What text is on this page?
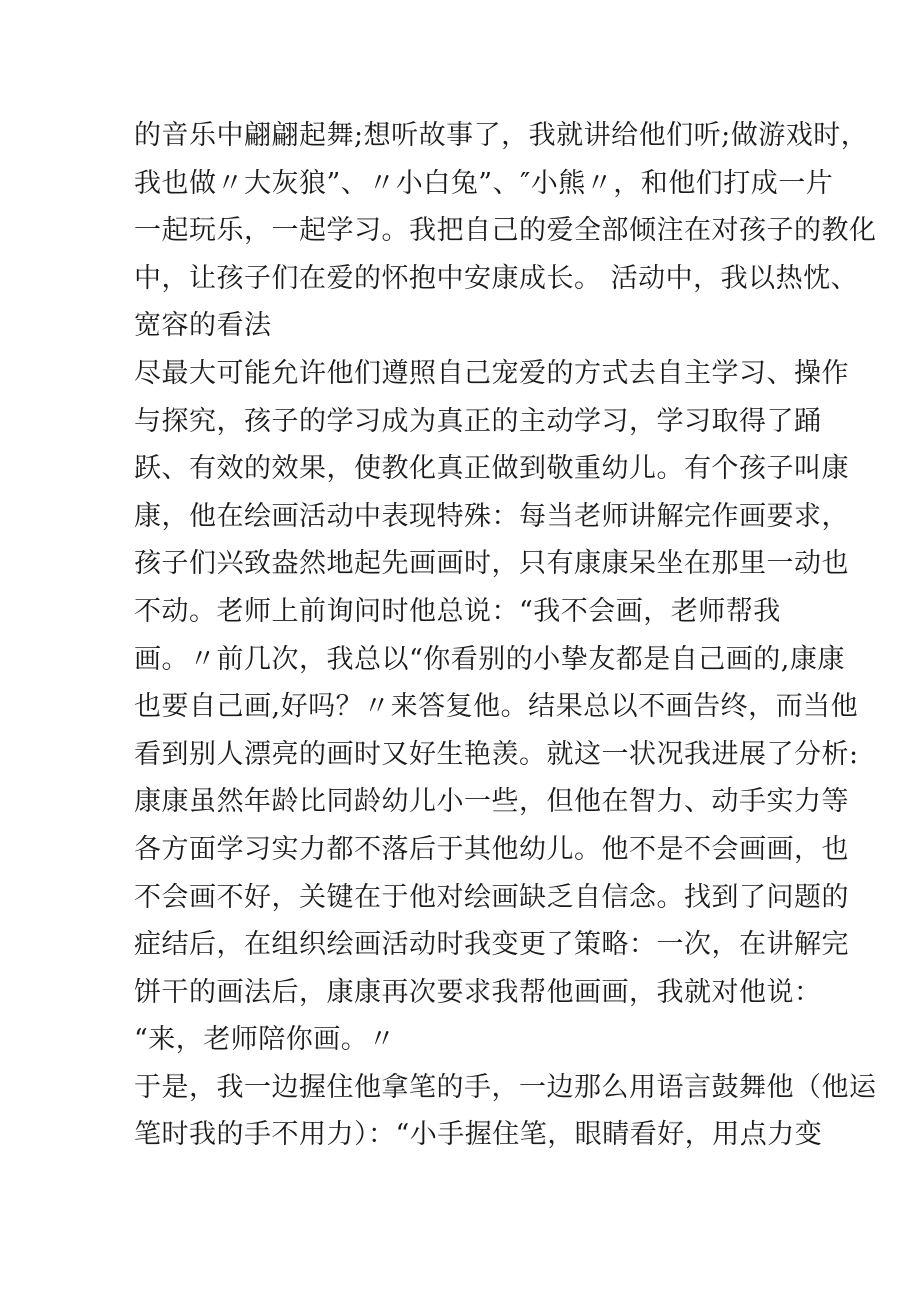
的音乐中翩翩起舞;想听故事了，我就讲给他们听;做游戏时，
我也做〃大灰狼”、〃小白兔”、″小熊〃，和他们打成一片
一起玩乐，一起学习。我把自己的爱全部倾注在对孩子的教化
中，让孩子们在爱的怀抱中安康成长。 活动中，我以热忱、
宽容的看法
尽最大可能允许他们遵照自己宠爱的方式去自主学习、操作
与探究，孩子的学习成为真正的主动学习，学习取得了踊
跃、有效的效果，使教化真正做到敬重幼儿。有个孩子叫康
康，他在绘画活动中表现特殊：每当老师讲解完作画要求，
孩子们兴致盎然地起先画画时，只有康康呆坐在那里一动也
不动。老师上前询问时他总说：“我不会画，老师帮我
画。〃前几次，我总以“你看别的小挚友都是自己画的,康康
也要自己画,好吗？〃来答复他。结果总以不画告终，而当他
看到别人漂亮的画时又好生艳羡。就这一状况我进展了分析:
康康虽然年龄比同龄幼儿小一些，但他在智力、动手实力等
各方面学习实力都不落后于其他幼儿。他不是不会画画，也
不会画不好，关键在于他对绘画缺乏自信念。找到了问题的
症结后，在组织绘画活动时我变更了策略：一次，在讲解完
饼干的画法后，康康再次要求我帮他画画，我就对他说：
“来，老师陪你画。〃
于是，我一边握住他拿笔的手，一边那么用语言鼓舞他（他运
笔时我的手不用力）：“小手握住笔，眼睛看好，用点力变
